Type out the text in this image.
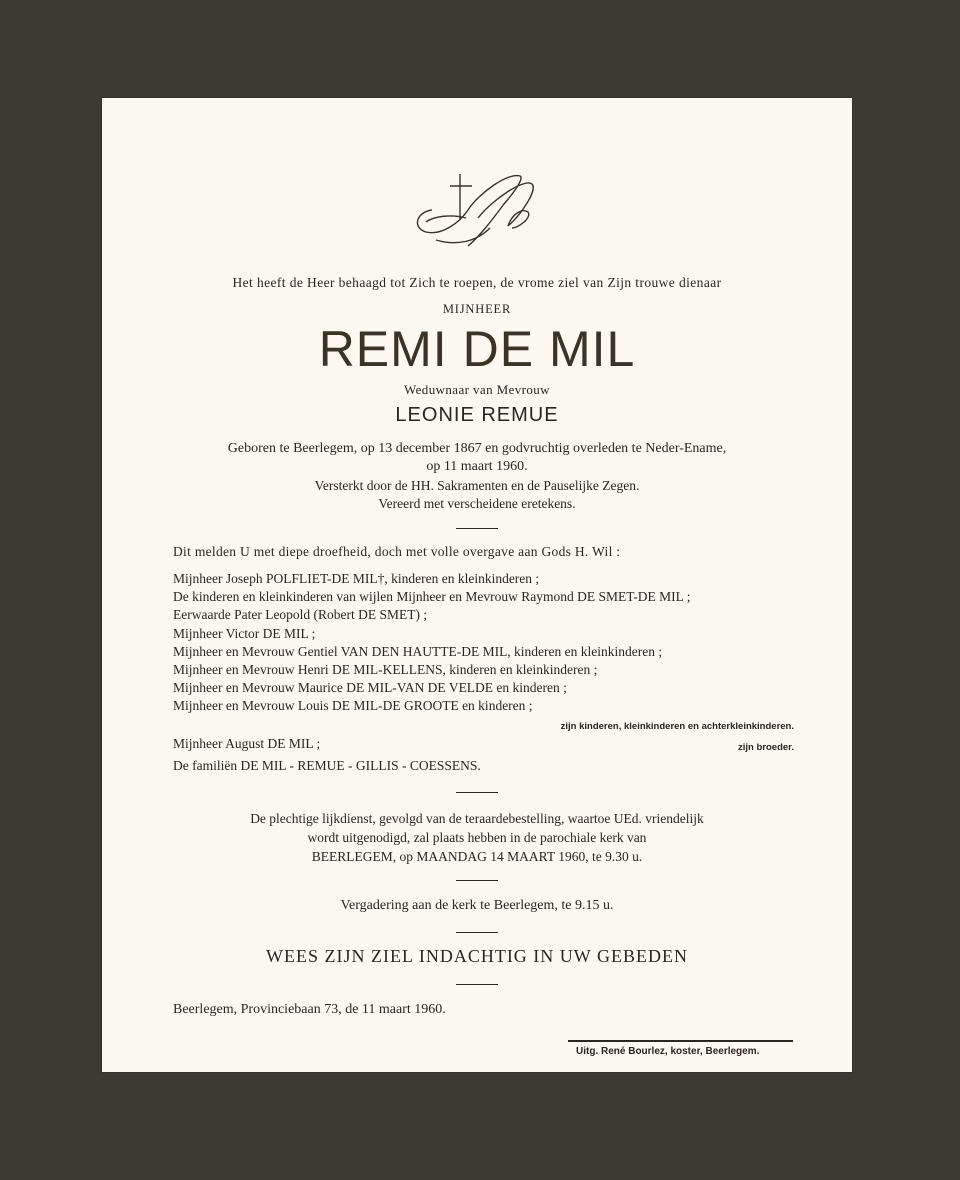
Het heeft de Heer behaagd tot Zich te roepen, de vrome ziel van Zijn trouwe dienaar
MIJNHEER
REMI DE MIL
Weduwnaar van Mevrouw
LEONIE REMUE
Geboren te Beerlegem, op 13 december 1867 en godvruchtig overleden te Neder-Ename,
op 11 maart 1960.
Versterkt door de HH. Sakramenten en de Pauselijke Zegen.
Vereerd met verscheidene eretekens.
Dit melden U met diepe droefheid, doch met volle overgave aan Gods H. Wil :
Mijnheer Joseph POLFLIET-DE MIL†, kinderen en kleinkinderen ;
De kinderen en kleinkinderen van wijlen Mijnheer en Mevrouw Raymond DE SMET-DE MIL ;
Eerwaarde Pater Leopold (Robert DE SMET) ;
Mijnheer Victor DE MIL ;
Mijnheer en Mevrouw Gentiel VAN DEN HAUTTE-DE MIL, kinderen en kleinkinderen ;
Mijnheer en Mevrouw Henri DE MIL-KELLENS, kinderen en kleinkinderen ;
Mijnheer en Mevrouw Maurice DE MIL-VAN DE VELDE en kinderen ;
Mijnheer en Mevrouw Louis DE MIL-DE GROOTE en kinderen ;
zijn kinderen, kleinkinderen en achterkleinkinderen.
Mijnheer August DE MIL ;	zijn broeder.
De familiën DE MIL - REMUE - GILLIS - COESSENS.
De plechtige lijkdienst, gevolgd van de teraardebestelling, waartoe UEd. vriendelijk
wordt uitgenodigd, zal plaats hebben in de parochiale kerk van
BEERLEGEM, op MAANDAG 14 MAART 1960, te 9.30 u.
Vergadering aan de kerk te Beerlegem, te 9.15 u.
WEES ZIJN ZIEL INDACHTIG IN UW GEBEDEN
Beerlegem, Provinciebaan 73, de 11 maart 1960.
Uitg. René Bourlez, koster, Beerlegem.
